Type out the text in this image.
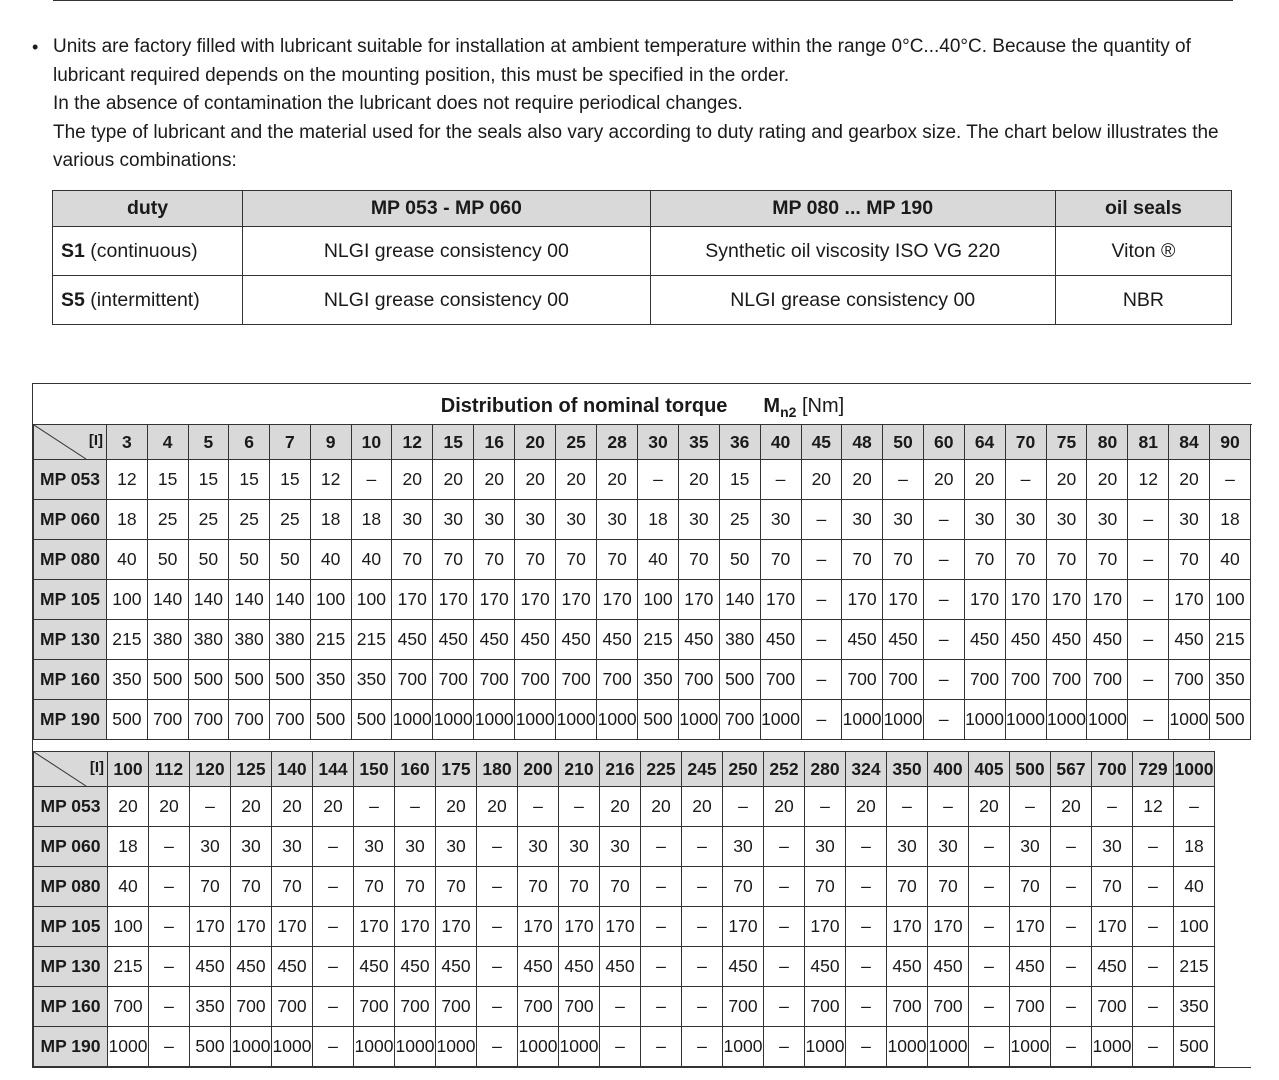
• Units are factory filled with lubricant suitable for installation at ambient temperature within the range 0°C...40°C. Because the quantity of lubricant required depends on the mounting position, this must be specified in the order.
In the absence of contamination the lubricant does not require periodical changes.
The type of lubricant and the material used for the seals also vary according to duty rating and gearbox size. The chart below illustrates the various combinations:
duty	MP 053 - MP 060	MP 080 ... MP 190	oil seals
S1 (continuous)	NLGI grease consistency 00	Synthetic oil viscosity ISO VG 220	Viton ®
S5 (intermittent)	NLGI grease consistency 00	NLGI grease consistency 00	NBR
Distribution of nominal torque $M_{n2}$ [Nm]
[I]	3	4	5	6	7	9	10	12	15	16	20	25	28	30	35	36	40	45	48	50	60	64	70	75	80	81	84	90
MP 053	12	15	15	15	15	12	–	20	20	20	20	20	20	–	20	15	–	20	20	–	20	20	–	20	20	12	20	–
MP 060	18	25	25	25	25	18	18	30	30	30	30	30	30	18	30	25	30	–	30	30	–	30	30	30	30	–	30	18
MP 080	40	50	50	50	50	40	40	70	70	70	70	70	70	40	70	50	70	–	70	70	–	70	70	70	70	–	70	40
MP 105	100	140	140	140	140	100	100	170	170	170	170	170	170	100	170	140	170	–	170	170	–	170	170	170	170	–	170	100
MP 130	215	380	380	380	380	215	215	450	450	450	450	450	450	215	450	380	450	–	450	450	–	450	450	450	450	–	450	215
MP 160	350	500	500	500	500	350	350	700	700	700	700	700	700	350	700	500	700	–	700	700	–	700	700	700	700	–	700	350
MP 190	500	700	700	700	700	500	500	1000	1000	1000	1000	1000	1000	500	1000	700	1000	–	1000	1000	–	1000	1000	1000	1000	–	1000	500
[I]	100	112	120	125	140	144	150	160	175	180	200	210	216	225	245	250	252	280	324	350	400	405	500	567	700	729	1000
MP 053	20	20	–	20	20	20	–	–	20	20	–	–	20	20	20	–	20	–	20	–	–	20	–	20	–	12	–
MP 060	18	–	30	30	30	–	30	30	30	–	30	30	30	–	–	30	–	30	–	30	30	–	30	–	30	–	18
MP 080	40	–	70	70	70	–	70	70	70	–	70	70	70	–	–	70	–	70	–	70	70	–	70	–	70	–	40
MP 105	100	–	170	170	170	–	170	170	170	–	170	170	170	–	–	170	–	170	–	170	170	–	170	–	170	–	100
MP 130	215	–	450	450	450	–	450	450	450	–	450	450	450	–	–	450	–	450	–	450	450	–	450	–	450	–	215
MP 160	700	–	350	700	700	–	700	700	700	–	700	700	–	–	–	700	–	700	–	700	700	–	700	–	700	–	350
MP 190	1000	–	500	1000	1000	–	1000	1000	1000	–	1000	1000	–	–	–	1000	–	1000	–	1000	1000	–	1000	–	1000	–	500
